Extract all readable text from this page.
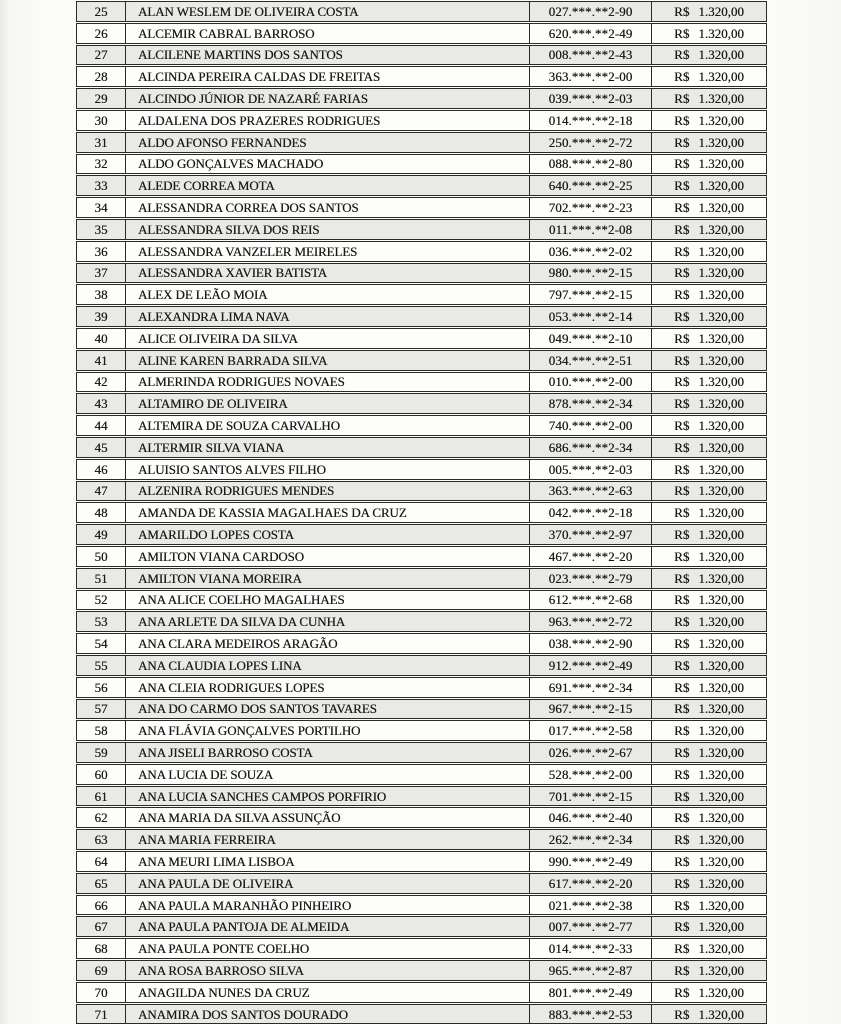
25	ALAN WESLEM DE OLIVEIRA COSTA	027.***.**2-90	R$ 1.320,00
26	ALCEMIR CABRAL BARROSO	620.***.**2-49	R$ 1.320,00
27	ALCILENE MARTINS DOS SANTOS	008.***.**2-43	R$ 1.320,00
28	ALCINDA PEREIRA CALDAS DE FREITAS	363.***.**2-00	R$ 1.320,00
29	ALCINDO JÚNIOR DE NAZARÉ FARIAS	039.***.**2-03	R$ 1.320,00
30	ALDALENA DOS PRAZERES RODRIGUES	014.***.**2-18	R$ 1.320,00
31	ALDO AFONSO FERNANDES	250.***.**2-72	R$ 1.320,00
32	ALDO GONÇALVES MACHADO	088.***.**2-80	R$ 1.320,00
33	ALEDE CORREA MOTA	640.***.**2-25	R$ 1.320,00
34	ALESSANDRA CORREA DOS SANTOS	702.***.**2-23	R$ 1.320,00
35	ALESSANDRA SILVA DOS REIS	011.***.**2-08	R$ 1.320,00
36	ALESSANDRA VANZELER MEIRELES	036.***.**2-02	R$ 1.320,00
37	ALESSANDRA XAVIER BATISTA	980.***.**2-15	R$ 1.320,00
38	ALEX DE LEÃO MOIA	797.***.**2-15	R$ 1.320,00
39	ALEXANDRA LIMA NAVA	053.***.**2-14	R$ 1.320,00
40	ALICE OLIVEIRA DA SILVA	049.***.**2-10	R$ 1.320,00
41	ALINE KAREN BARRADA SILVA	034.***.**2-51	R$ 1.320,00
42	ALMERINDA RODRIGUES NOVAES	010.***.**2-00	R$ 1.320,00
43	ALTAMIRO DE OLIVEIRA	878.***.**2-34	R$ 1.320,00
44	ALTEMIRA DE SOUZA CARVALHO	740.***.**2-00	R$ 1.320,00
45	ALTERMIR SILVA VIANA	686.***.**2-34	R$ 1.320,00
46	ALUISIO SANTOS ALVES FILHO	005.***.**2-03	R$ 1.320,00
47	ALZENIRA RODRIGUES MENDES	363.***.**2-63	R$ 1.320,00
48	AMANDA DE KASSIA MAGALHAES DA CRUZ	042.***.**2-18	R$ 1.320,00
49	AMARILDO LOPES COSTA	370.***.**2-97	R$ 1.320,00
50	AMILTON VIANA CARDOSO	467.***.**2-20	R$ 1.320,00
51	AMILTON VIANA MOREIRA	023.***.**2-79	R$ 1.320,00
52	ANA ALICE COELHO MAGALHAES	612.***.**2-68	R$ 1.320,00
53	ANA ARLETE DA SILVA DA CUNHA	963.***.**2-72	R$ 1.320,00
54	ANA CLARA MEDEIROS ARAGÃO	038.***.**2-90	R$ 1.320,00
55	ANA CLAUDIA LOPES LINA	912.***.**2-49	R$ 1.320,00
56	ANA CLEIA RODRIGUES LOPES	691.***.**2-34	R$ 1.320,00
57	ANA DO CARMO DOS SANTOS TAVARES	967.***.**2-15	R$ 1.320,00
58	ANA FLÁVIA GONÇALVES PORTILHO	017.***.**2-58	R$ 1.320,00
59	ANA JISELI BARROSO COSTA	026.***.**2-67	R$ 1.320,00
60	ANA LUCIA DE SOUZA	528.***.**2-00	R$ 1.320,00
61	ANA LUCIA SANCHES CAMPOS PORFIRIO	701.***.**2-15	R$ 1.320,00
62	ANA MARIA DA SILVA ASSUNÇÃO	046.***.**2-40	R$ 1.320,00
63	ANA MARIA FERREIRA	262.***.**2-34	R$ 1.320,00
64	ANA MEURI LIMA LISBOA	990.***.**2-49	R$ 1.320,00
65	ANA PAULA DE OLIVEIRA	617.***.**2-20	R$ 1.320,00
66	ANA PAULA MARANHÃO PINHEIRO	021.***.**2-38	R$ 1.320,00
67	ANA PAULA PANTOJA DE ALMEIDA	007.***.**2-77	R$ 1.320,00
68	ANA PAULA PONTE COELHO	014.***.**2-33	R$ 1.320,00
69	ANA ROSA BARROSO SILVA	965.***.**2-87	R$ 1.320,00
70	ANAGILDA NUNES DA CRUZ	801.***.**2-49	R$ 1.320,00
71	ANAMIRA DOS SANTOS DOURADO	883.***.**2-53	R$ 1.320,00
